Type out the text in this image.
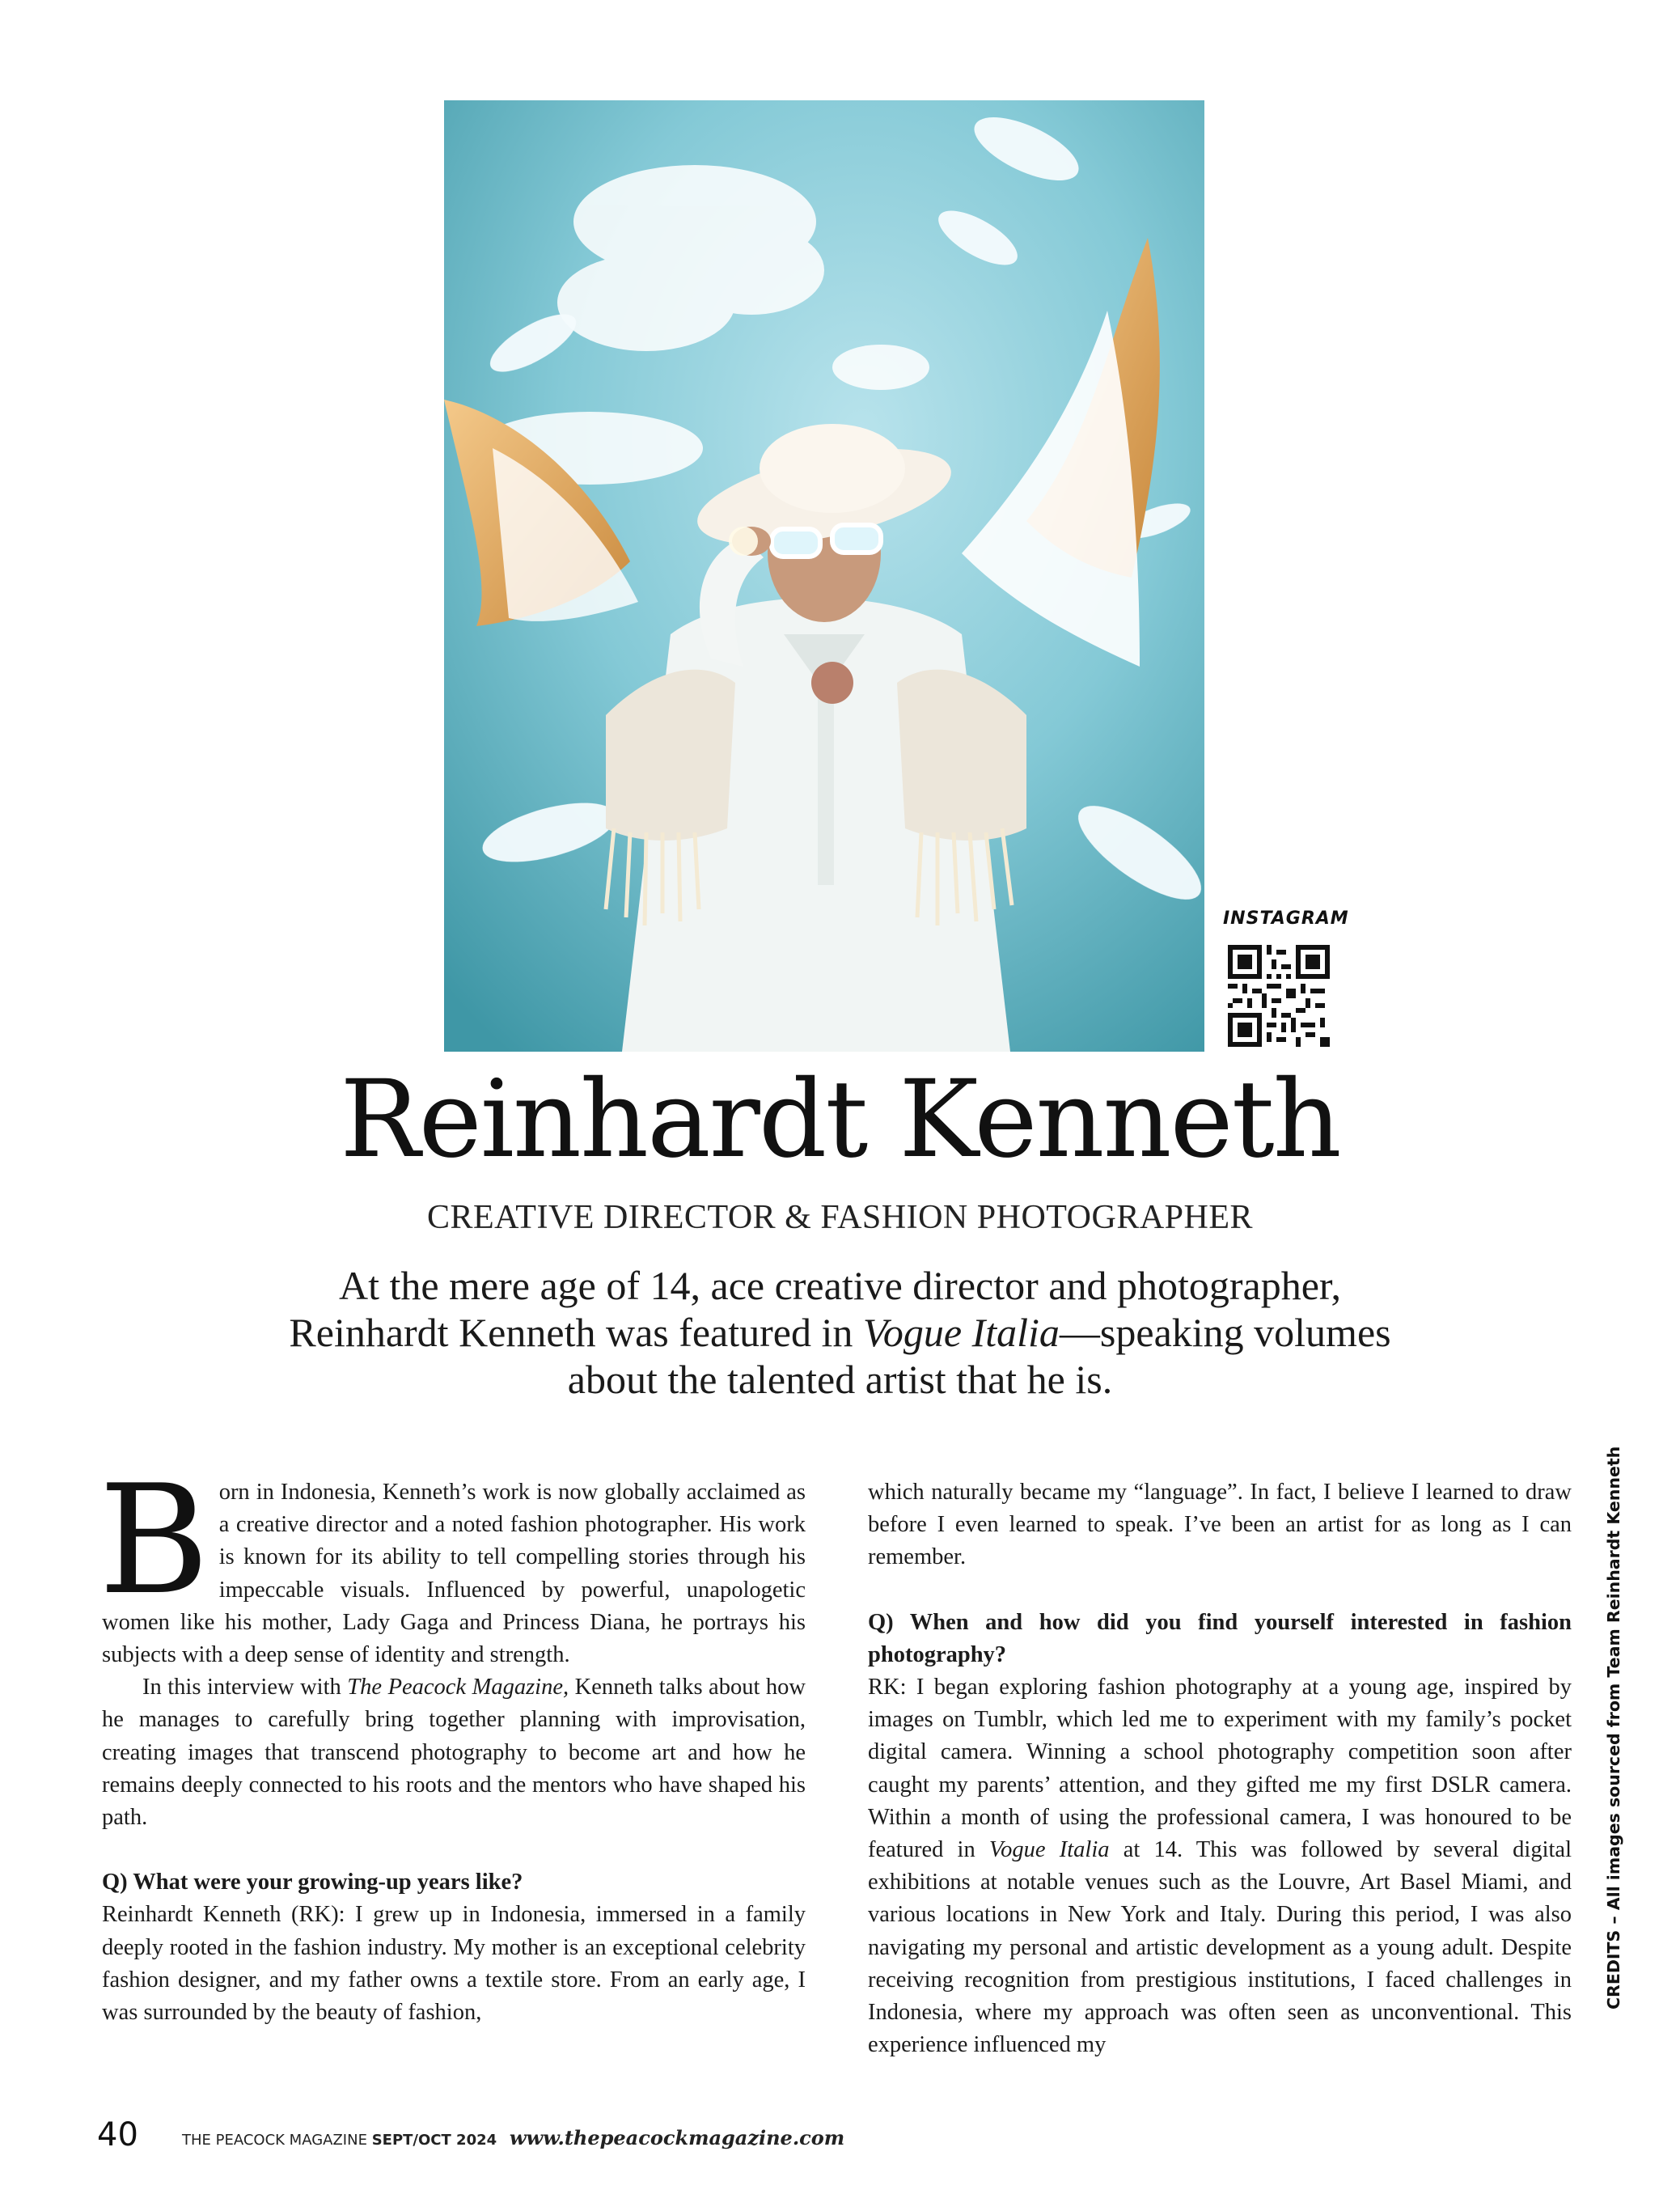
INSTAGRAM
Reinhardt Kenneth
CREATIVE DIRECTOR & FASHION PHOTOGRAPHER
At the mere age of 14, ace creative director and photographer,
Reinhardt Kenneth was featured in Vogue Italia—speaking volumes
about the talented artist that he is.

Born in Indonesia, Kenneth’s work is now globally acclaimed as a creative director and a noted fashion photographer. His work is known for its ability to tell compelling stories through his impeccable visuals. Influenced by powerful, unapologetic women like his mother, Lady Gaga and Princess Diana, he portrays his subjects with a deep sense of identity and strength.

In this interview with The Peacock Magazine, Kenneth talks about how he manages to carefully bring together planning with improvisation, creating images that transcend photography to become art and how he remains deeply connected to his roots and the mentors who have shaped his path.

Q) What were your growing-up years like?

Reinhardt Kenneth (RK): I grew up in Indonesia, immersed in a family deeply rooted in the fashion industry. My mother is an exceptional celebrity fashion designer, and my father owns a textile store. From an early age, I was surrounded by the beauty of fashion,

which naturally became my “language”. In fact, I believe I learned to draw before I even learned to speak. I’ve been an artist for as long as I can remember.

Q) When and how did you find yourself interested in fashion photography?

RK: I began exploring fashion photography at a young age, inspired by images on Tumblr, which led me to experiment with my family’s pocket digital camera. Winning a school photography competition soon after caught my parents’ attention, and they gifted me my first DSLR camera. Within a month of using the professional camera, I was honoured to be featured in Vogue Italia at 14. This was followed by several digital exhibitions at notable venues such as the Louvre, Art Basel Miami, and various locations in New York and Italy. During this period, I was also navigating my personal and artistic development as a young adult. Despite receiving recognition from prestigious institutions, I faced challenges in Indonesia, where my approach was often seen as unconventional. This experience influenced my

CREDITS – All images sourced from Team Reinhardt Kenneth
40	THE PEACOCK MAGAZINE SEPT/OCT 2024 www.thepeacockmagazine.com
